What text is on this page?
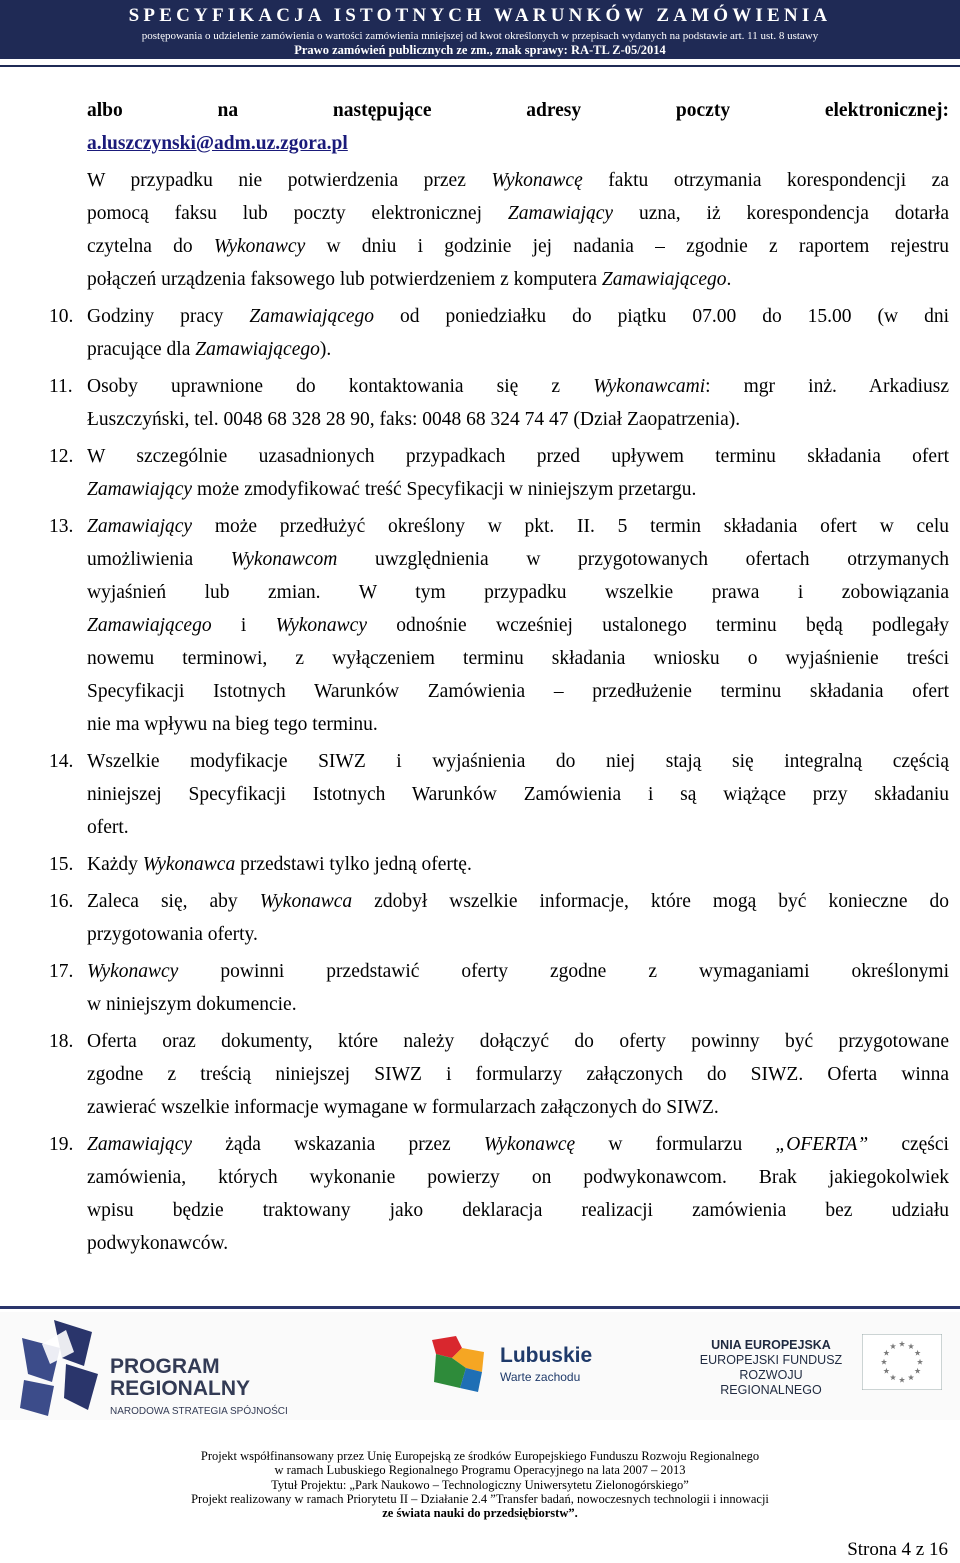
SPECYFIKACJA ISTOTNYCH WARUNKÓW ZAMÓWIENIA
postępowania o udzielenie zamówienia o wartości zamówienia mniejszej od kwot określonych w przepisach wydanych na podstawie art. 11 ust. 8 ustawy
Prawo zamówień publicznych ze zm., znak sprawy: RA-TL Z-05/2014
albo	na	następujące	adresy	poczty	elektronicznej:
a.luszczynski@adm.uz.zgora.pl
W przypadku nie potwierdzenia przez Wykonawcę faktu otrzymania korespondencji za
pomocą faksu lub poczty elektronicznej Zamawiający uzna, iż korespondencja dotarła
czytelna do Wykonawcy w dniu i godzinie jej nadania – zgodnie z raportem rejestru
połączeń urządzenia faksowego lub potwierdzeniem z komputera Zamawiającego.
10. Godziny pracy Zamawiającego od poniedziałku do piątku 07.00 do 15.00 (w dni
pracujące dla Zamawiającego).
11. Osoby uprawnione do kontaktowania się z Wykonawcami: mgr inż. Arkadiusz
Łuszczyński, tel. 0048 68 328 28 90, faks: 0048 68 324 74 47 (Dział Zaopatrzenia).
12. W szczególnie uzasadnionych przypadkach przed upływem terminu składania ofert
Zamawiający może zmodyfikować treść Specyfikacji w niniejszym przetargu.
13. Zamawiający może przedłużyć określony w pkt. II. 5 termin składania ofert w celu
umożliwienia Wykonawcom uwzględnienia w przygotowanych ofertach otrzymanych
wyjaśnień lub zmian. W tym przypadku wszelkie prawa i zobowiązania
Zamawiającego i Wykonawcy odnośnie wcześniej ustalonego terminu będą podlegały
nowemu terminowi, z wyłączeniem terminu składania wniosku o wyjaśnienie treści
Specyfikacji Istotnych Warunków Zamówienia – przedłużenie terminu składania ofert
nie ma wpływu na bieg tego terminu.
14. Wszelkie modyfikacje SIWZ i wyjaśnienia do niej stają się integralną częścią
niniejszej Specyfikacji Istotnych Warunków Zamówienia i są wiążące przy składaniu
ofert.
15. Każdy Wykonawca przedstawi tylko jedną ofertę.
16. Zaleca się, aby Wykonawca zdobył wszelkie informacje, które mogą być konieczne do
przygotowania oferty.
17. Wykonawcy powinni przedstawić oferty zgodne z wymaganiami określonymi
w niniejszym dokumencie.
18. Oferta oraz dokumenty, które należy dołączyć do oferty powinny być przygotowane
zgodne z treścią niniejszej SIWZ i formularzy załączonych do SIWZ. Oferta winna
zawierać wszelkie informacje wymagane w formularzach załączonych do SIWZ.
19. Zamawiający żąda wskazania przez Wykonawcę w formularzu „OFERTA” części
zamówienia, których wykonanie powierzy on podwykonawcom. Brak jakiegokolwiek
wpisu będzie traktowany jako deklaracja realizacji zamówienia bez udziału
podwykonawców.
PROGRAM
REGIONALNY
NARODOWA STRATEGIA SPÓJNOŚCI
Lubuskie
Warte zachodu
UNIA EUROPEJSKA
EUROPEJSKI FUNDUSZ
ROZWOJU REGIONALNEGO
Projekt współfinansowany przez Unię Europejską ze środków Europejskiego Funduszu Rozwoju Regionalnego
w ramach Lubuskiego Regionalnego Programu Operacyjnego na lata 2007 – 2013
Tytuł Projektu: „Park Naukowo – Technologiczny Uniwersytetu Zielonogórskiego”
Projekt realizowany w ramach Priorytetu II – Działanie 2.4 ”Transfer badań, nowoczesnych technologii i innowacji
ze świata nauki do przedsiębiorstw”.
Strona 4 z 16
